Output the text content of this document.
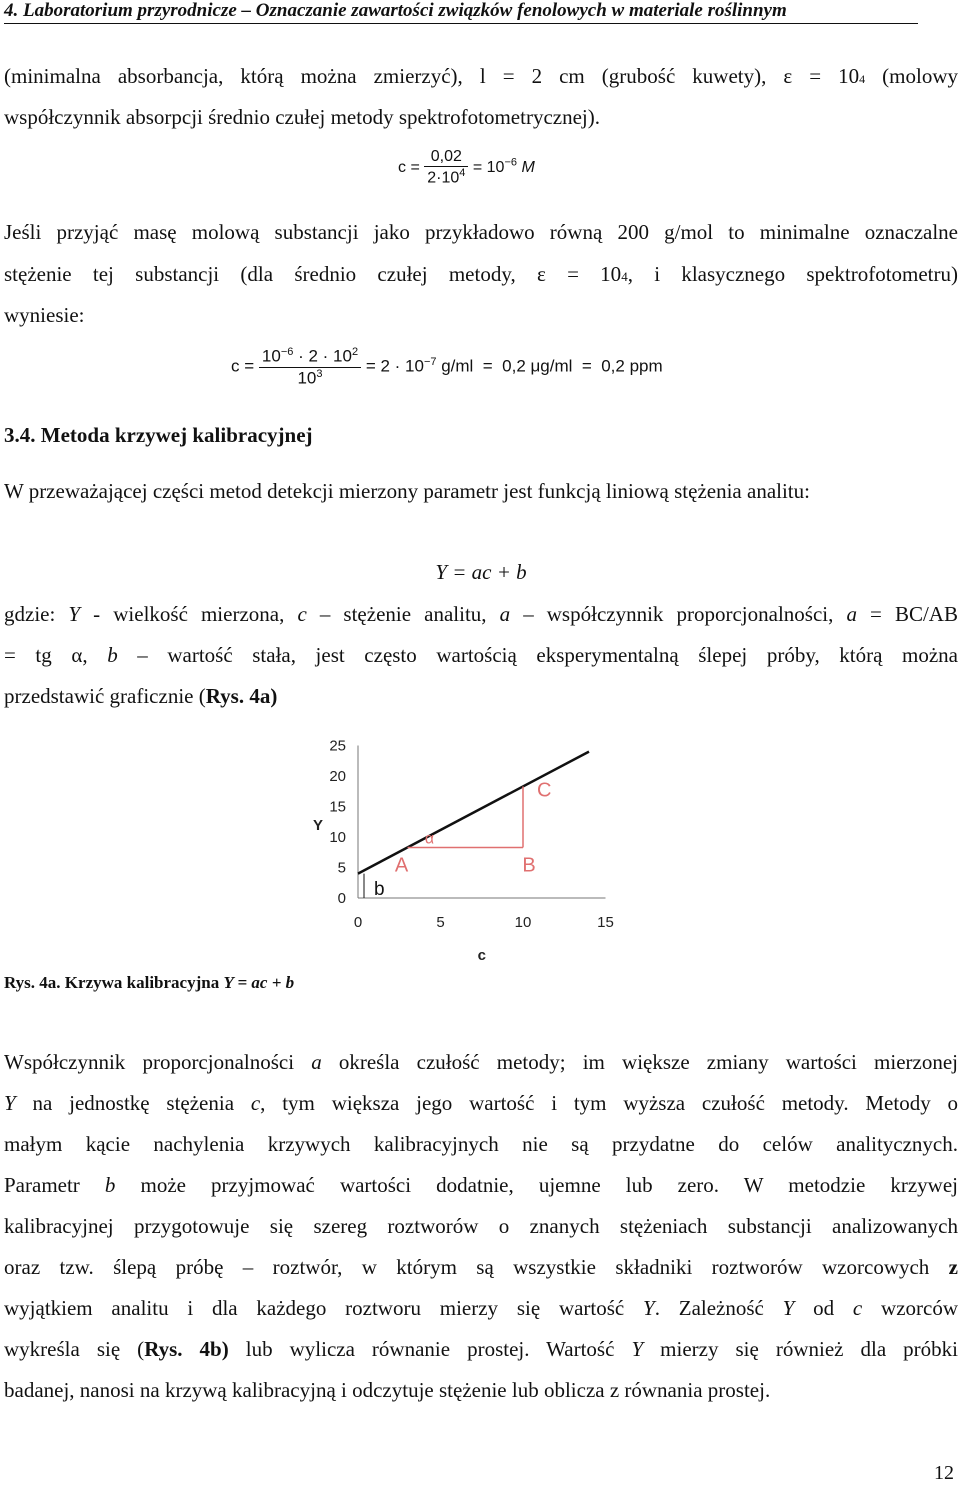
4. Laboratorium przyrodnicze – Oznaczanie zawartości związków fenolowych w materiale roślinnym
(minimalna absorbancja, którą można zmierzyć), l = 2 cm (grubość kuwety), ε = 104 (molowy
współczynnik absorpcji średnio czułej metody spektrofotometrycznej).
$c = \frac{0,02}{2\cdot 10^4} = 10^{-6}$ M
Jeśli przyjąć masę molową substancji jako przykładowo równą 200 g/mol to minimalne oznaczalne
stężenie tej substancji (dla średnio czułej metody, ε = 104, i klasycznego spektrofotometru)
wyniesie:
$c = \frac{10^{-6} \cdot 2 \cdot 10^2}{10^3} = 2 \cdot 10^{-7}$ g/ml  =  0,2 μg/ml  =  0,2 ppm
3.4. Metoda krzywej kalibracyjnej
W przeważającej części metod detekcji mierzony parametr jest funkcją liniową stężenia analitu:
Y = ac + b
gdzie: Y - wielkość mierzona, c – stężenie analitu, a – współczynnik proporcjonalności, a = BC/AB
= tg α, b – wartość stała, jest często wartością eksperymentalną ślepej próby, którą można
przedstawić graficznie (Rys. 4a)
0
5
10
15
20
25
0	5	10	15
Y
c
A	B
C
α
b
Rys. 4a. Krzywa kalibracyjna Y = ac + b
Współczynnik proporcjonalności a określa czułość metody; im większe zmiany wartości mierzonej
Y na jednostkę stężenia c, tym większa jego wartość i tym wyższa czułość metody. Metody o
małym kącie nachylenia krzywych kalibracyjnych nie są przydatne do celów analitycznych.
Parametr b może przyjmować wartości dodatnie, ujemne lub zero. W metodzie krzywej
kalibracyjnej przygotowuje się szereg roztworów o znanych stężeniach substancji analizowanych
oraz tzw. ślepą próbę – roztwór, w którym są wszystkie składniki roztworów wzorcowych z
wyjątkiem analitu i dla każdego roztworu mierzy się wartość Y. Zależność Y od c wzorców
wykreśla się (Rys. 4b) lub wylicza równanie prostej. Wartość Y mierzy się również dla próbki
badanej, nanosi na krzywą kalibracyjną i odczytuje stężenie lub oblicza z równania prostej.
12
